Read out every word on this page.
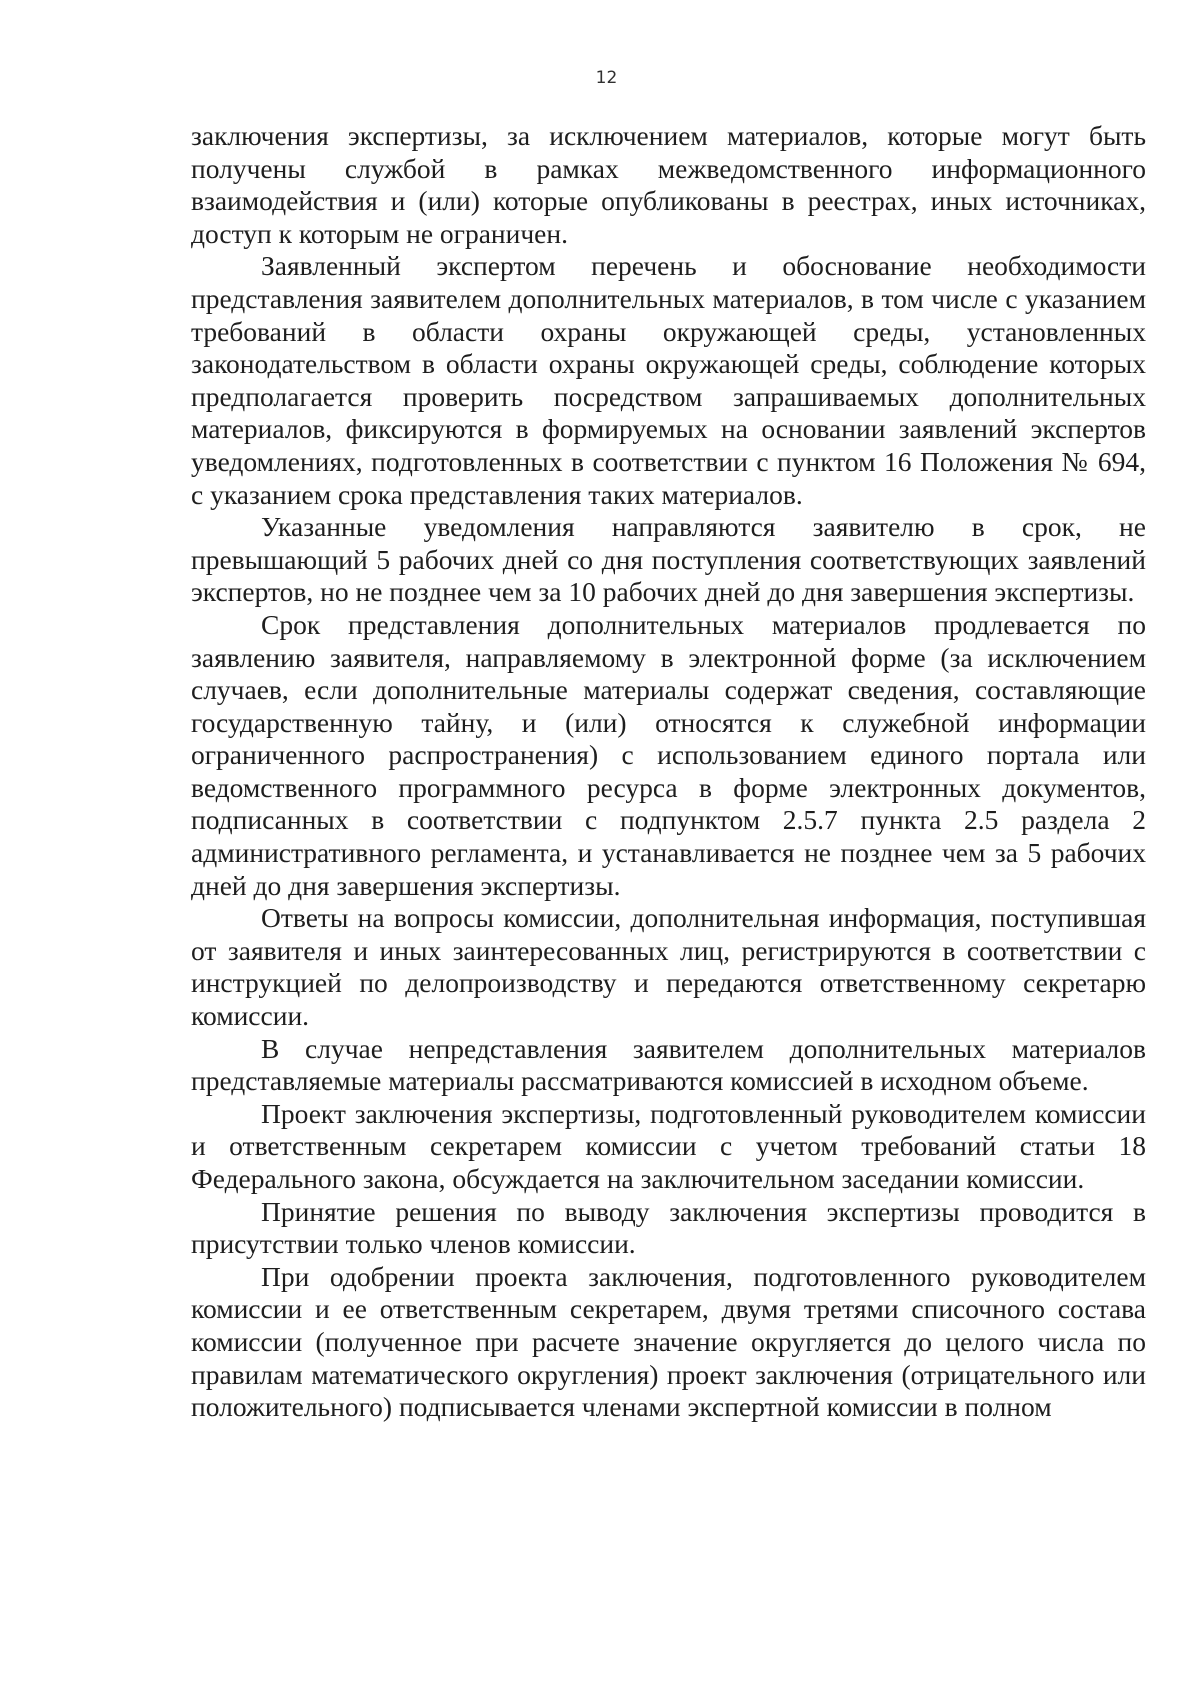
12

заключения экспертизы, за исключением материалов, которые могут быть получены службой в рамках межведомственного информационного взаимодействия и (или) которые опубликованы в реестрах, иных источниках, доступ к которым не ограничен.

Заявленный экспертом перечень и обоснование необходимости представления заявителем дополнительных материалов, в том числе с указанием требований в области охраны окружающей среды, установленных законодательством в области охраны окружающей среды, соблюдение которых предполагается проверить посредством запрашиваемых дополнительных материалов, фиксируются в формируемых на основании заявлений экспертов уведомлениях, подготовленных в соответствии с пунктом 16 Положения № 694, с указанием срока представления таких материалов.

Указанные уведомления направляются заявителю в срок, не превышающий 5 рабочих дней со дня поступления соответствующих заявлений экспертов, но не позднее чем за 10 рабочих дней до дня завершения экспертизы.

Срок представления дополнительных материалов продлевается по заявлению заявителя, направляемому в электронной форме (за исключением случаев, если дополнительные материалы содержат сведения, составляющие государственную тайну, и (или) относятся к служебной информации ограниченного распространения) с использованием единого портала или ведомственного программного ресурса в форме электронных документов, подписанных в соответствии с подпунктом 2.5.7 пункта 2.5 раздела 2 административного регламента, и устанавливается не позднее чем за 5 рабочих дней до дня завершения экспертизы.

Ответы на вопросы комиссии, дополнительная информация, поступившая от заявителя и иных заинтересованных лиц, регистрируются в соответствии с инструкцией по делопроизводству и передаются ответственному секретарю комиссии.

В случае непредставления заявителем дополнительных материалов представляемые материалы рассматриваются комиссией в исходном объеме.

Проект заключения экспертизы, подготовленный руководителем комиссии и ответственным секретарем комиссии с учетом требований статьи 18 Федерального закона, обсуждается на заключительном заседании комиссии.

Принятие решения по выводу заключения экспертизы проводится в присутствии только членов комиссии.

При одобрении проекта заключения, подготовленного руководителем комиссии и ее ответственным секретарем, двумя третями списочного состава комиссии (полученное при расчете значение округляется до целого числа по правилам математического округления) проект заключения (отрицательного или положительного) подписывается членами экспертной комиссии в полном
